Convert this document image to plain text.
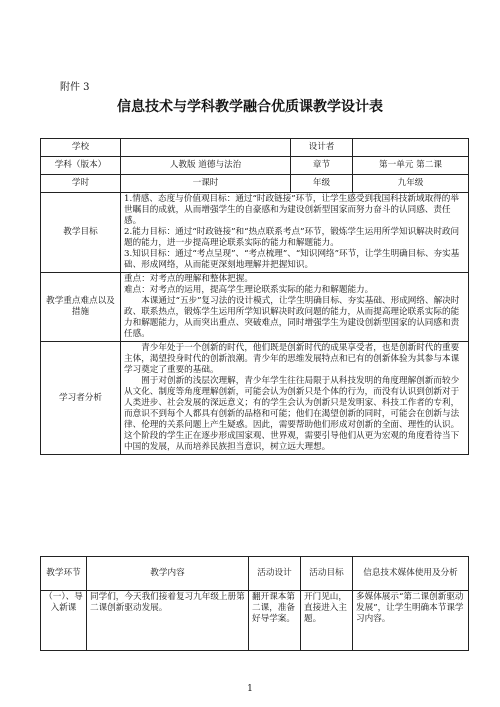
附件 3
信息技术与学科教学融合优质课教学设计表
学校		设计者	
学科（版本）	人教版 道德与法治	章节	第一单元 第二课
学时	一课时	年级	九年级
教学目标	1.情感、态度与价值观目标：通过“时政链接”环节，让学生感受到我国科技新域取得的举世瞩目的成就，从而增强学生的自豪感和为建设创新型国家而努力奋斗的认同感、责任感。

2.能力目标：通过“时政链接”和“热点联系考点”环节，锻炼学生运用所学知识解决时政问题的能力，进一步提高理论联系实际的能力和解题能力。

3.知识目标：通过“考点呈现”、“考点梳理”、“知识网络”环节，让学生明确目标、夯实基础、形成网络，从而能更深刻地理解并把握知识。		

教学重点难点以及措施	重点：对考点的理解和整体把握。

难点：对考点的运用，提高学生理论联系实际的能力和解题能力。

本课通过“五步”复习法的设计模式，让学生明确目标、夯实基础、形成网络、解决时政、联系热点，锻炼学生运用所学知识解决时政问题的能力，从而提高理论联系实际的能力和解题能力，从而突出重点、突破难点，同时增强学生为建设创新型国家的认同感和责任感。		

学习者分析	青少年处于一个创新的时代，他们既是创新时代的成果享受者，也是创新时代的重要主体，渴望投身时代的创新浪潮。青少年的思维发展特点和已有的创新体验为其参与本课学习奠定了重要的基础。

囿于对创新的浅层次理解，青少年学生往往局限于从科技发明的角度理解创新而较少从文化、制度等角度理解创新，可能会认为创新只是个体的行为，而没有认识到创新对于人类进步、社会发展的深远意义；有的学生会认为创新只是发明家、科技工作者的专利，而意识不到每个人都具有创新的品格和可能；他们在渴望创新的同时，可能会在创新与法律、伦理的关系问题上产生疑惑。因此，需要帮助他们形成对创新的全面、理性的认识。这个阶段的学生正在逐步形成国家观、世界观，需要引导他们从更为宏观的角度看待当下中国的发展，从而培养民族担当意识，树立远大理想。		

教学环节	教学内容	活动设计	活动目标	信息技术媒体使用及分析
（一）、导入新课	同学们，今天我们接着复习九年级上册第二课创新驱动发展。	翻开课本第二课，准备好导学案。	开门见山，直接进入主题。	多媒体展示“第二课创新驱动发展”，让学生明确本节课学习内容。
1
